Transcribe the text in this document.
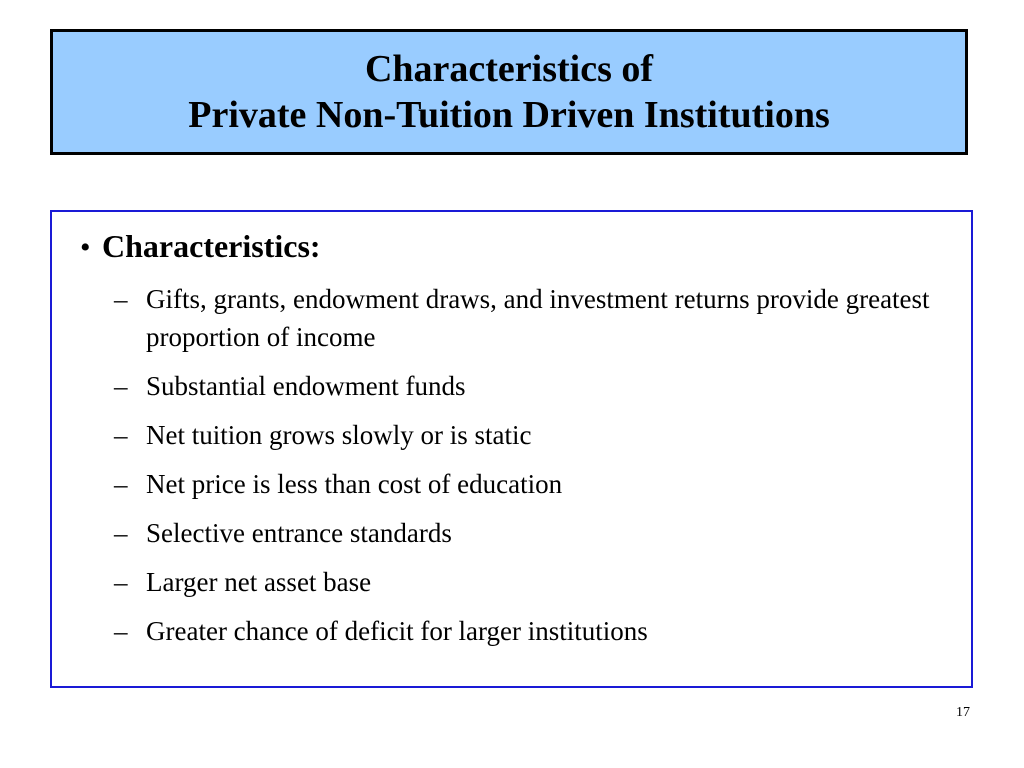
Characteristics of
Private Non-Tuition Driven Institutions
• Characteristics:
– Gifts, grants, endowment draws, and investment returns provide greatest proportion of income
– Substantial endowment funds
– Net tuition grows slowly or is static
– Net price is less than cost of education
– Selective entrance standards
– Larger net asset base
– Greater chance of deficit for larger institutions
17
